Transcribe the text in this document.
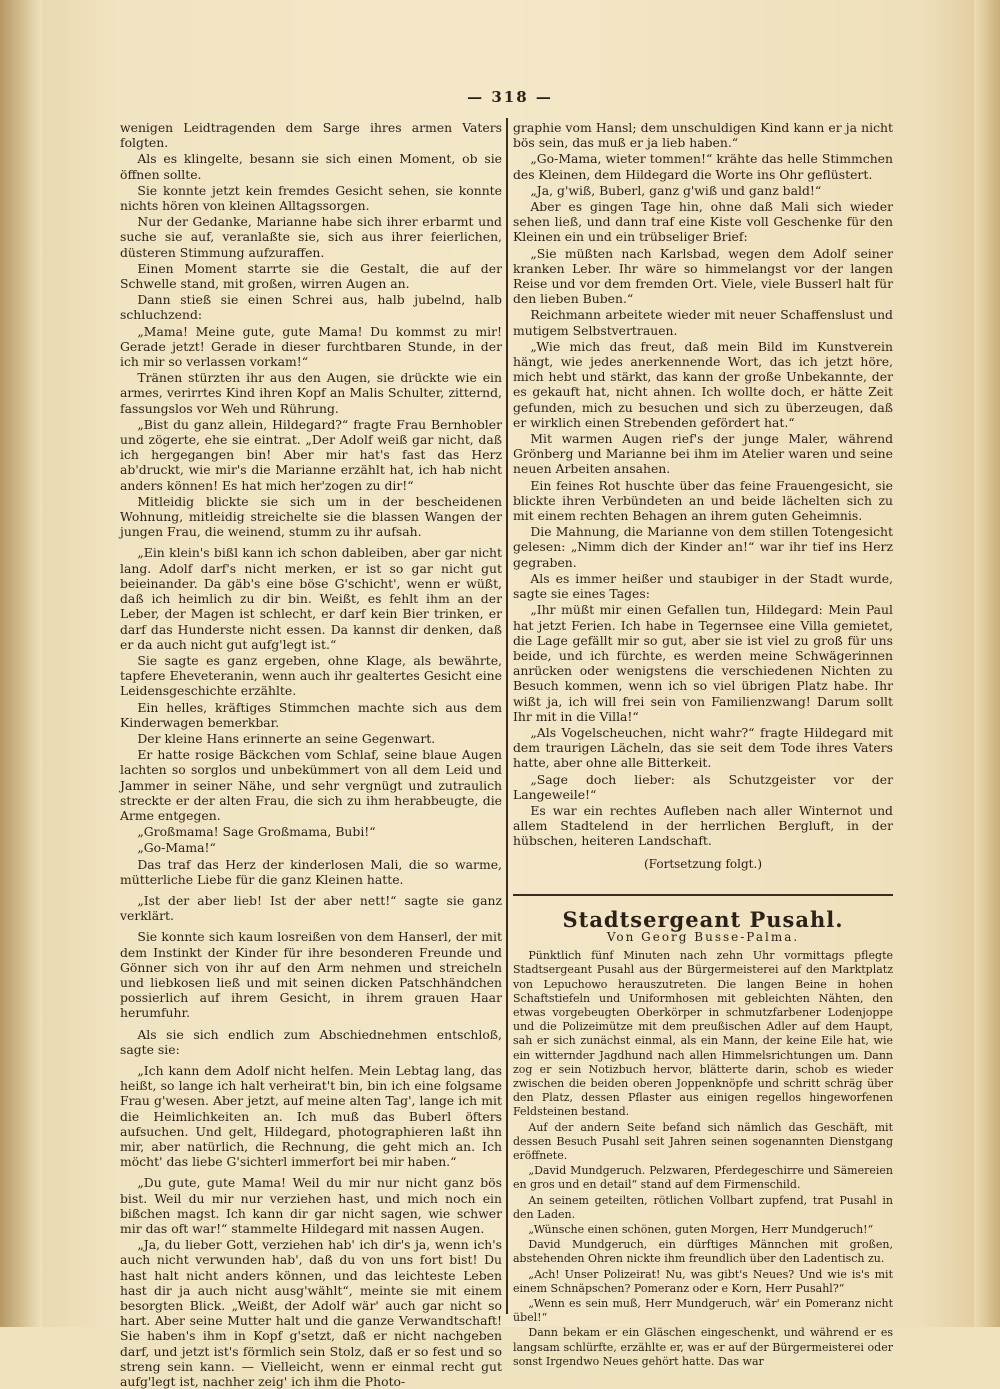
— 318 —

wenigen Leidtragenden dem Sarge ihres armen Vaters folgten.

Als es klingelte, besann sie sich einen Moment, ob sie öffnen sollte.

Sie konnte jetzt kein fremdes Gesicht sehen, sie konnte nichts hören von kleinen Alltagssorgen.

Nur der Gedanke, Marianne habe sich ihrer erbarmt und suche sie auf, veranlaßte sie, sich aus ihrer feierlichen, düsteren Stimmung aufzuraffen.

Einen Moment starrte sie die Gestalt, die auf der Schwelle stand, mit großen, wirren Augen an.

Dann stieß sie einen Schrei aus, halb jubelnd, halb schluchzend:

„Mama! Meine gute, gute Mama! Du kommst zu mir! Gerade jetzt! Gerade in dieser furchtbaren Stunde, in der ich mir so verlassen vorkam!“

Tränen stürzten ihr aus den Augen, sie drückte wie ein armes, verirrtes Kind ihren Kopf an Malis Schulter, zitternd, fassungslos vor Weh und Rührung.

„Bist du ganz allein, Hildegard?“ fragte Frau Bernhobler und zögerte, ehe sie eintrat. „Der Adolf weiß gar nicht, daß ich hergegangen bin! Aber mir hat's fast das Herz ab'druckt, wie mir's die Marianne erzählt hat, ich hab nicht anders können! Es hat mich her'zogen zu dir!“

Mitleidig blickte sie sich um in der bescheidenen Wohnung, mitleidig streichelte sie die blassen Wangen der jungen Frau, die weinend, stumm zu ihr aufsah.

„Ein klein's bißl kann ich schon dableiben, aber gar nicht lang. Adolf darf's nicht merken, er ist so gar nicht gut beieinander. Da gäb's eine böse G'schicht', wenn er wüßt, daß ich heimlich zu dir bin. Weißt, es fehlt ihm an der Leber, der Magen ist schlecht, er darf kein Bier trinken, er darf das Hunderste nicht essen. Da kannst dir denken, daß er da auch nicht gut aufg'legt ist.“

Sie sagte es ganz ergeben, ohne Klage, als bewährte, tapfere Eheveteranin, wenn auch ihr gealtertes Gesicht eine Leidensgeschichte erzählte.

Ein helles, kräftiges Stimmchen machte sich aus dem Kinderwagen bemerkbar.

Der kleine Hans erinnerte an seine Gegenwart.

Er hatte rosige Bäckchen vom Schlaf, seine blaue Augen lachten so sorglos und unbekümmert von all dem Leid und Jammer in seiner Nähe, und sehr vergnügt und zutraulich streckte er der alten Frau, die sich zu ihm herabbeugte, die Arme entgegen.

„Großmama! Sage Großmama, Bubi!“

„Go-Mama!“

Das traf das Herz der kinderlosen Mali, die so warme, mütterliche Liebe für die ganz Kleinen hatte.

„Ist der aber lieb! Ist der aber nett!“ sagte sie ganz verklärt.

Sie konnte sich kaum losreißen von dem Hanserl, der mit dem Instinkt der Kinder für ihre besonderen Freunde und Gönner sich von ihr auf den Arm nehmen und streicheln und liebkosen ließ und mit seinen dicken Patschhändchen possierlich auf ihrem Gesicht, in ihrem grauen Haar herumfuhr.

Als sie sich endlich zum Abschiednehmen entschloß, sagte sie:

„Ich kann dem Adolf nicht helfen. Mein Lebtag lang, das heißt, so lange ich halt verheirat't bin, bin ich eine folgsame Frau g'wesen. Aber jetzt, auf meine alten Tag', lange ich mit die Heimlichkeiten an. Ich muß das Buberl öfters aufsuchen. Und gelt, Hildegard, photographieren laßt ihn mir, aber natürlich, die Rechnung, die geht mich an. Ich möcht' das liebe G'sichterl immerfort bei mir haben.“

„Du gute, gute Mama! Weil du mir nur nicht ganz bös bist. Weil du mir nur verziehen hast, und mich noch ein bißchen magst. Ich kann dir gar nicht sagen, wie schwer mir das oft war!“ stammelte Hildegard mit nassen Augen.

„Ja, du lieber Gott, verziehen hab' ich dir's ja, wenn ich's auch nicht verwunden hab', daß du von uns fort bist! Du hast halt nicht anders können, und das leichteste Leben hast dir ja auch nicht ausg'wählt“, meinte sie mit einem besorgten Blick. „Weißt, der Adolf wär' auch gar nicht so hart. Aber seine Mutter halt und die ganze Verwandtschaft! Sie haben's ihm in Kopf g'setzt, daß er nicht nachgeben darf, und jetzt ist's förmlich sein Stolz, daß er so fest und so streng sein kann. — Vielleicht, wenn er einmal recht gut aufg'legt ist, nachher zeig' ich ihm die Photo-

graphie vom Hansl; dem unschuldigen Kind kann er ja nicht bös sein, das muß er ja lieb haben.“

„Go-Mama, wieter tommen!“ krähte das helle Stimmchen des Kleinen, dem Hildegard die Worte ins Ohr geflüstert.

„Ja, g'wiß, Buberl, ganz g'wiß und ganz bald!“

Aber es gingen Tage hin, ohne daß Mali sich wieder sehen ließ, und dann traf eine Kiste voll Geschenke für den Kleinen ein und ein trübseliger Brief:

„Sie müßten nach Karlsbad, wegen dem Adolf seiner kranken Leber. Ihr wäre so himmelangst vor der langen Reise und vor dem fremden Ort. Viele, viele Busserl halt für den lieben Buben.“

Reichmann arbeitete wieder mit neuer Schaffenslust und mutigem Selbstvertrauen.

„Wie mich das freut, daß mein Bild im Kunstverein hängt, wie jedes anerkennende Wort, das ich jetzt höre, mich hebt und stärkt, das kann der große Unbekannte, der es gekauft hat, nicht ahnen. Ich wollte doch, er hätte Zeit gefunden, mich zu besuchen und sich zu überzeugen, daß er wirklich einen Strebenden gefördert hat.“

Mit warmen Augen rief's der junge Maler, während Grönberg und Marianne bei ihm im Atelier waren und seine neuen Arbeiten ansahen.

Ein feines Rot huschte über das feine Frauengesicht, sie blickte ihren Verbündeten an und beide lächelten sich zu mit einem rechten Behagen an ihrem guten Geheimnis.

Die Mahnung, die Marianne von dem stillen Totengesicht gelesen: „Nimm dich der Kinder an!“ war ihr tief ins Herz gegraben.

Als es immer heißer und staubiger in der Stadt wurde, sagte sie eines Tages:

„Ihr müßt mir einen Gefallen tun, Hildegard: Mein Paul hat jetzt Ferien. Ich habe in Tegernsee eine Villa gemietet, die Lage gefällt mir so gut, aber sie ist viel zu groß für uns beide, und ich fürchte, es werden meine Schwägerinnen anrücken oder wenigstens die verschiedenen Nichten zu Besuch kommen, wenn ich so viel übrigen Platz habe. Ihr wißt ja, ich will frei sein von Familienzwang! Darum sollt Ihr mit in die Villa!“

„Als Vogelscheuchen, nicht wahr?“ fragte Hildegard mit dem traurigen Lächeln, das sie seit dem Tode ihres Vaters hatte, aber ohne alle Bitterkeit.

„Sage doch lieber: als Schutzgeister vor der Langeweile!“

Es war ein rechtes Aufleben nach aller Winternot und allem Stadtelend in der herrlichen Bergluft, in der hübschen, heiteren Landschaft.

(Fortsetzung folgt.)
Stadtsergeant Pusahl.
Von Georg Busse-Palma.

Pünktlich fünf Minuten nach zehn Uhr vormittags pflegte Stadtsergeant Pusahl aus der Bürgermeisterei auf den Marktplatz von Lepuchowo herauszutreten. Die langen Beine in hohen Schaftstiefeln und Uniformhosen mit gebleichten Nähten, den etwas vorgebeugten Oberkörper in schmutzfarbener Lodenjoppe und die Polizeimütze mit dem preußischen Adler auf dem Haupt, sah er sich zunächst einmal, als ein Mann, der keine Eile hat, wie ein witternder Jagdhund nach allen Himmelsrichtungen um. Dann zog er sein Notizbuch hervor, blätterte darin, schob es wieder zwischen die beiden oberen Joppenknöpfe und schritt schräg über den Platz, dessen Pflaster aus einigen regellos hingeworfenen Feldsteinen bestand.

Auf der andern Seite befand sich nämlich das Geschäft, mit dessen Besuch Pusahl seit Jahren seinen sogenannten Dienstgang eröffnete.

„David Mundgeruch. Pelzwaren, Pferdegeschirre und Sämereien en gros und en detail“ stand auf dem Firmenschild.

An seinem geteilten, rötlichen Vollbart zupfend, trat Pusahl in den Laden.

„Wünsche einen schönen, guten Morgen, Herr Mundgeruch!“

David Mundgeruch, ein dürftiges Männchen mit großen, abstehenden Ohren nickte ihm freundlich über den Ladentisch zu.

„Ach! Unser Polizeirat! Nu, was gibt's Neues? Und wie is's mit einem Schnäpschen? Pomeranz oder e Korn, Herr Pusahl?“

„Wenn es sein muß, Herr Mundgeruch, wär' ein Pomeranz nicht übel!“

Dann bekam er ein Gläschen eingeschenkt, und während er es langsam schlürfte, erzählte er, was er auf der Bürgermeisterei oder sonst Irgendwo Neues gehört hatte. Das war
